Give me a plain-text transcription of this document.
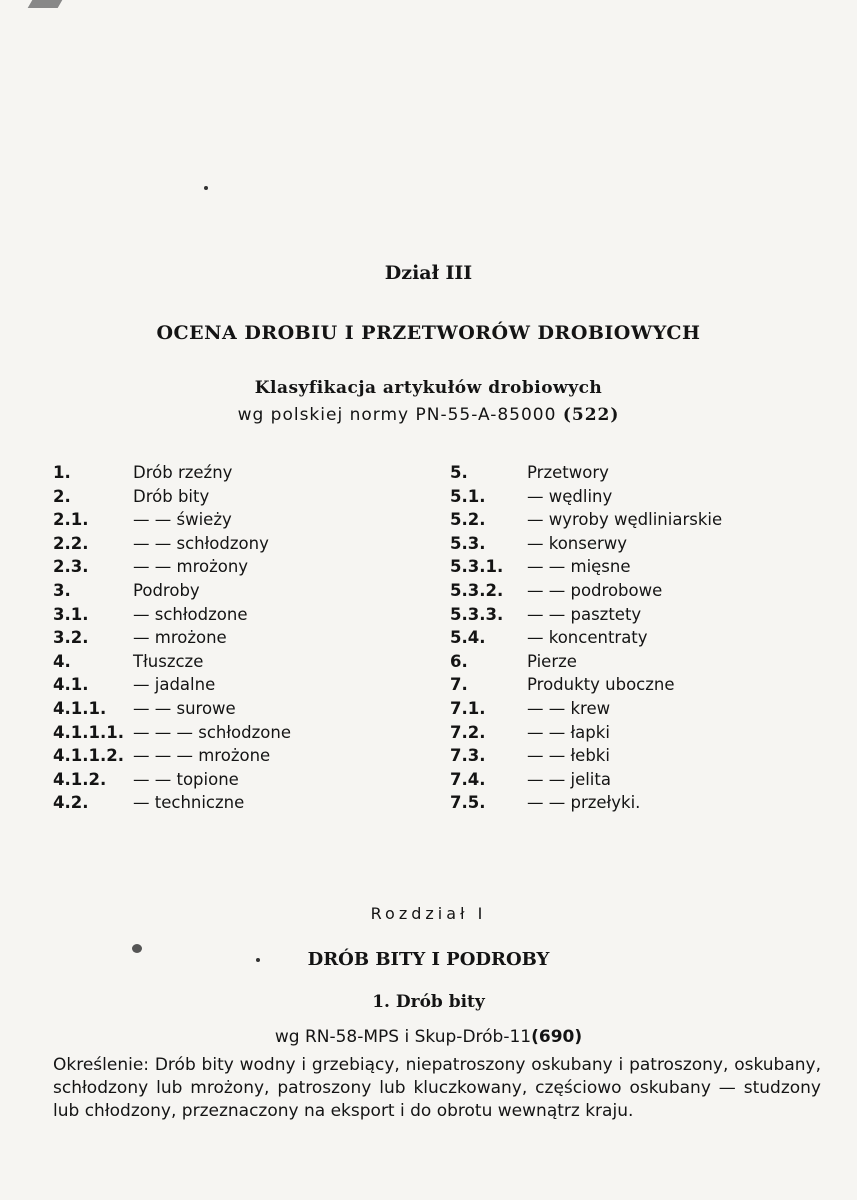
Dział III
OCENA DROBIU I PRZETWORÓW DROBIOWYCH
Klasyfikacja artykułów drobiowych
wg polskiej normy PN-55-A-85000 (522)
1.	Drób rzeźny
2.	Drób bity
2.1.	— — świeży
2.2.	— — schłodzony
2.3.	— — mrożony
3.	Podroby
3.1.	— schłodzone
3.2.	— mrożone
4.	Tłuszcze
4.1.	— jadalne
4.1.1. — — surowe
4.1.1.1. — — — schłodzone
4.1.1.2. — — — mrożone
4.1.2. — — topione
4.2.	— techniczne
5.	Przetwory
5.1.	— wędliny
5.2.	— wyroby wędliniarskie
5.3.	— konserwy
5.3.1. — — mięsne
5.3.2. — — podrobowe
5.3.3. — — pasztety
5.4.	— koncentraty
6.	Pierze
7.	Produkty uboczne
7.1.	— — krew
7.2.	— — łapki
7.3.	— — łebki
7.4.	— — jelita
7.5.	— — przełyki.
Rozdział I
DRÓB BITY I PODROBY
1. Drób bity
wg RN-58-MPS i Skup-Drób-11(690)
Określenie: Drób bity wodny i grzebiący, niepatroszony oskubany i patroszony, oskubany, schłodzony lub mrożony, patroszony lub kluczkowany, częściowo oskubany — studzony lub chłodzony, przeznaczony na eksport i do obrotu wewnątrz kraju.
